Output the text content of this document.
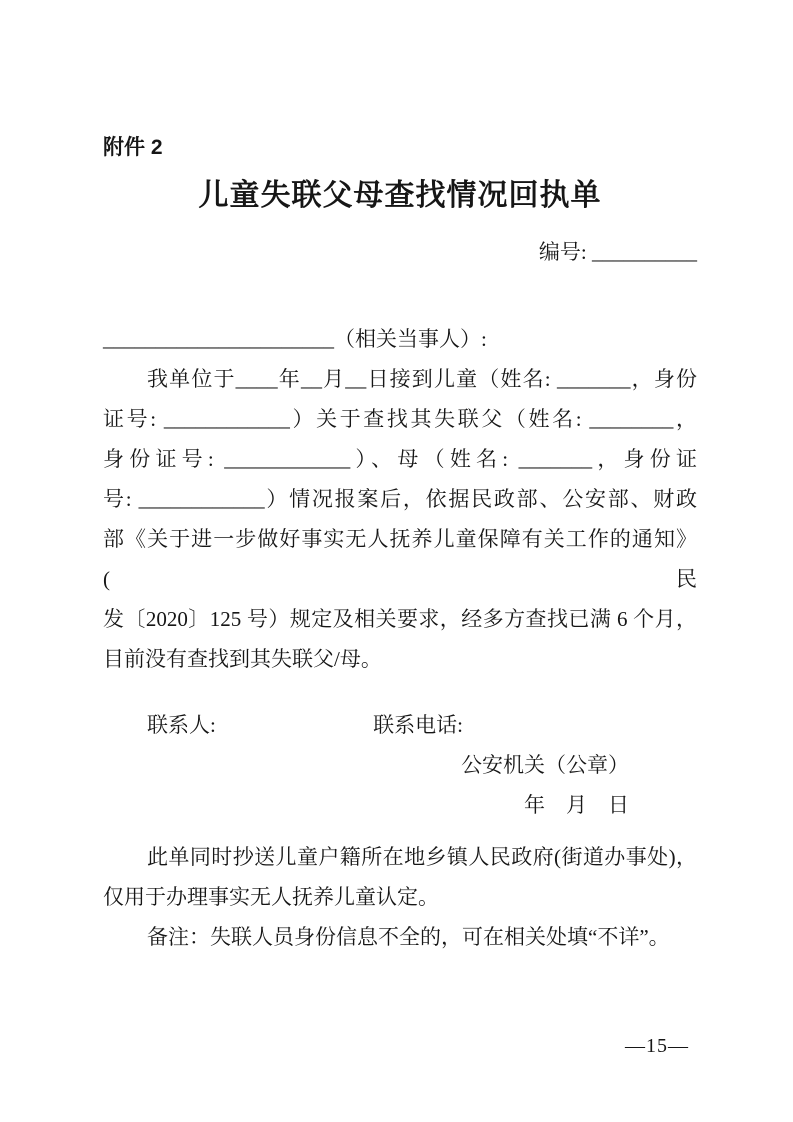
附件 2
儿童失联父母查找情况回执单
编号: __________
______________________（相关当事人）:
我单位于____年__月__日接到儿童（姓名: _______，身份
证号: ____________）关于查找其失联父（姓名: ________，
身份证号: ____________）、母（姓名: _______，身份证
号: ____________）情况报案后，依据民政部、公安部、财政
部《关于进一步做好事实无人抚养儿童保障有关工作的通知》(民
发〔2020〕125 号）规定及相关要求，经多方查找已满 6 个月，
目前没有查找到其失联父/母。
联系人:	联系电话:
公安机关（公章）
年　月　日
此单同时抄送儿童户籍所在地乡镇人民政府(街道办事处)，
仅用于办理事实无人抚养儿童认定。
备注：失联人员身份信息不全的，可在相关处填“不详”。
—15—
